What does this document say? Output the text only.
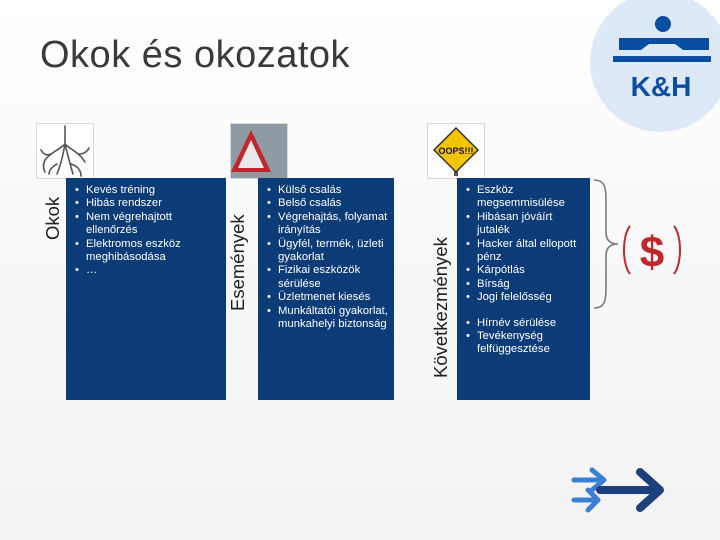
Okok és okozatok
K&H
Okok
• Kevés tréning
• Hibás rendszer
• Nem végrehajtott ellenőrzés
• Elektromos eszköz meghibásodása
• …	Események
• Külső csalás
• Belső csalás
• Végrehajtás, folyamat irányítás
• Ügyfél, termék, üzleti gyakorlat
• Fizikai eszközök sérülése
• Üzletmenet kiesés
• Munkáltatói gyakorlat, munkahelyi biztonság Következmények
OOPS!!!
• Eszköz megsemmisülése
• Hibásan jóváírt jutalék
• Hacker által ellopott pénz
• Kárpótlás
• Bírság
• Jogi felelősség
• Hírnév sérülése
• Tevékenység felfüggesztése
$
